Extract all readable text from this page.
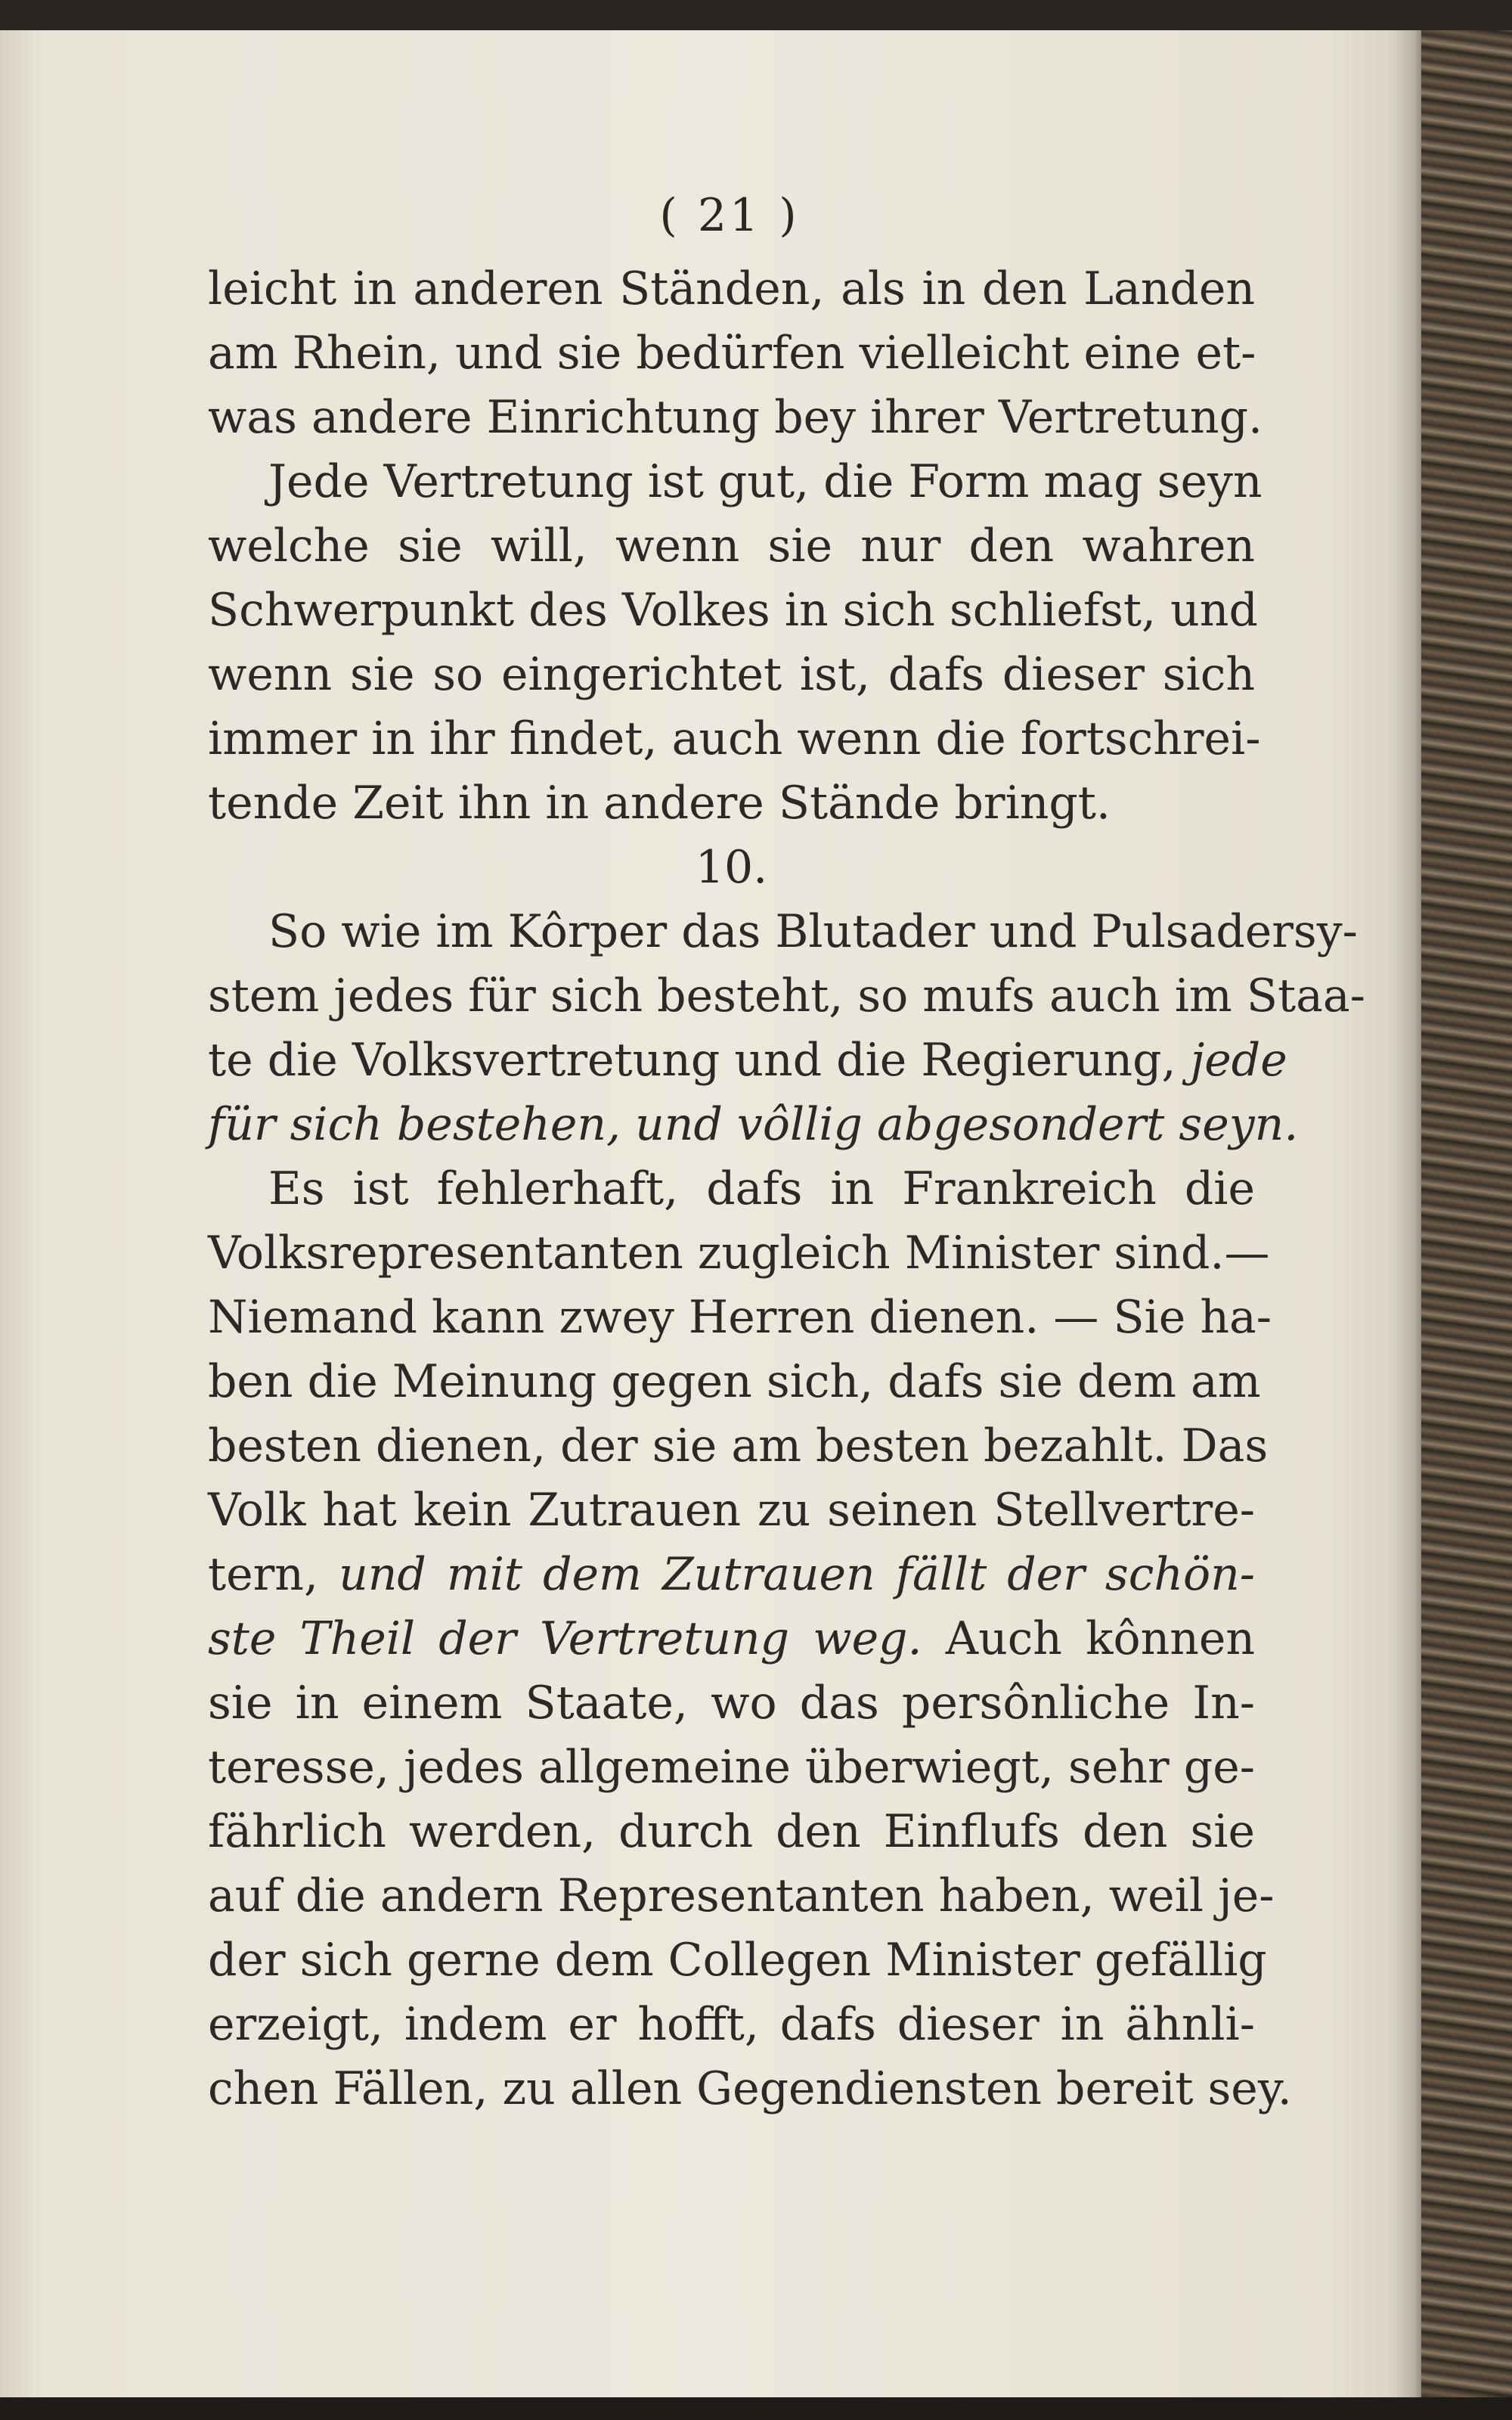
( 21 )
leicht in anderen Ständen, als in den Landen
am Rhein, und sie bedürfen vielleicht eine et-
was andere Einrichtung bey ihrer Vertretung.
Jede Vertretung ist gut, die Form mag seyn
welche sie will, wenn sie nur den wahren
Schwerpunkt des Volkes in sich schliefst, und
wenn sie so eingerichtet ist, dafs dieser sich
immer in ihr findet, auch wenn die fortschrei-
tende Zeit ihn in andere Stände bringt.
10.
So wie im Kôrper das Blutader und Pulsadersy-
stem jedes für sich besteht, so mufs auch im Staa-
te die Volksvertretung und die Regierung, jede
für sich bestehen, und vôllig abgesondert seyn.
Es ist fehlerhaft, dafs in Frankreich die
Volksrepresentanten zugleich Minister sind.—
Niemand kann zwey Herren dienen. — Sie ha-
ben die Meinung gegen sich, dafs sie dem am
besten dienen, der sie am besten bezahlt. Das
Volk hat kein Zutrauen zu seinen Stellvertre-
tern, und mit dem Zutrauen fällt der schön-
ste Theil der Vertretung weg. Auch kônnen
sie in einem Staate, wo das persônliche In-
teresse, jedes allgemeine überwiegt, sehr ge-
fährlich werden, durch den Einflufs den sie
auf die andern Representanten haben, weil je-
der sich gerne dem Collegen Minister gefällig
erzeigt, indem er hofft, dafs dieser in ähnli-
chen Fällen, zu allen Gegendiensten bereit sey.
